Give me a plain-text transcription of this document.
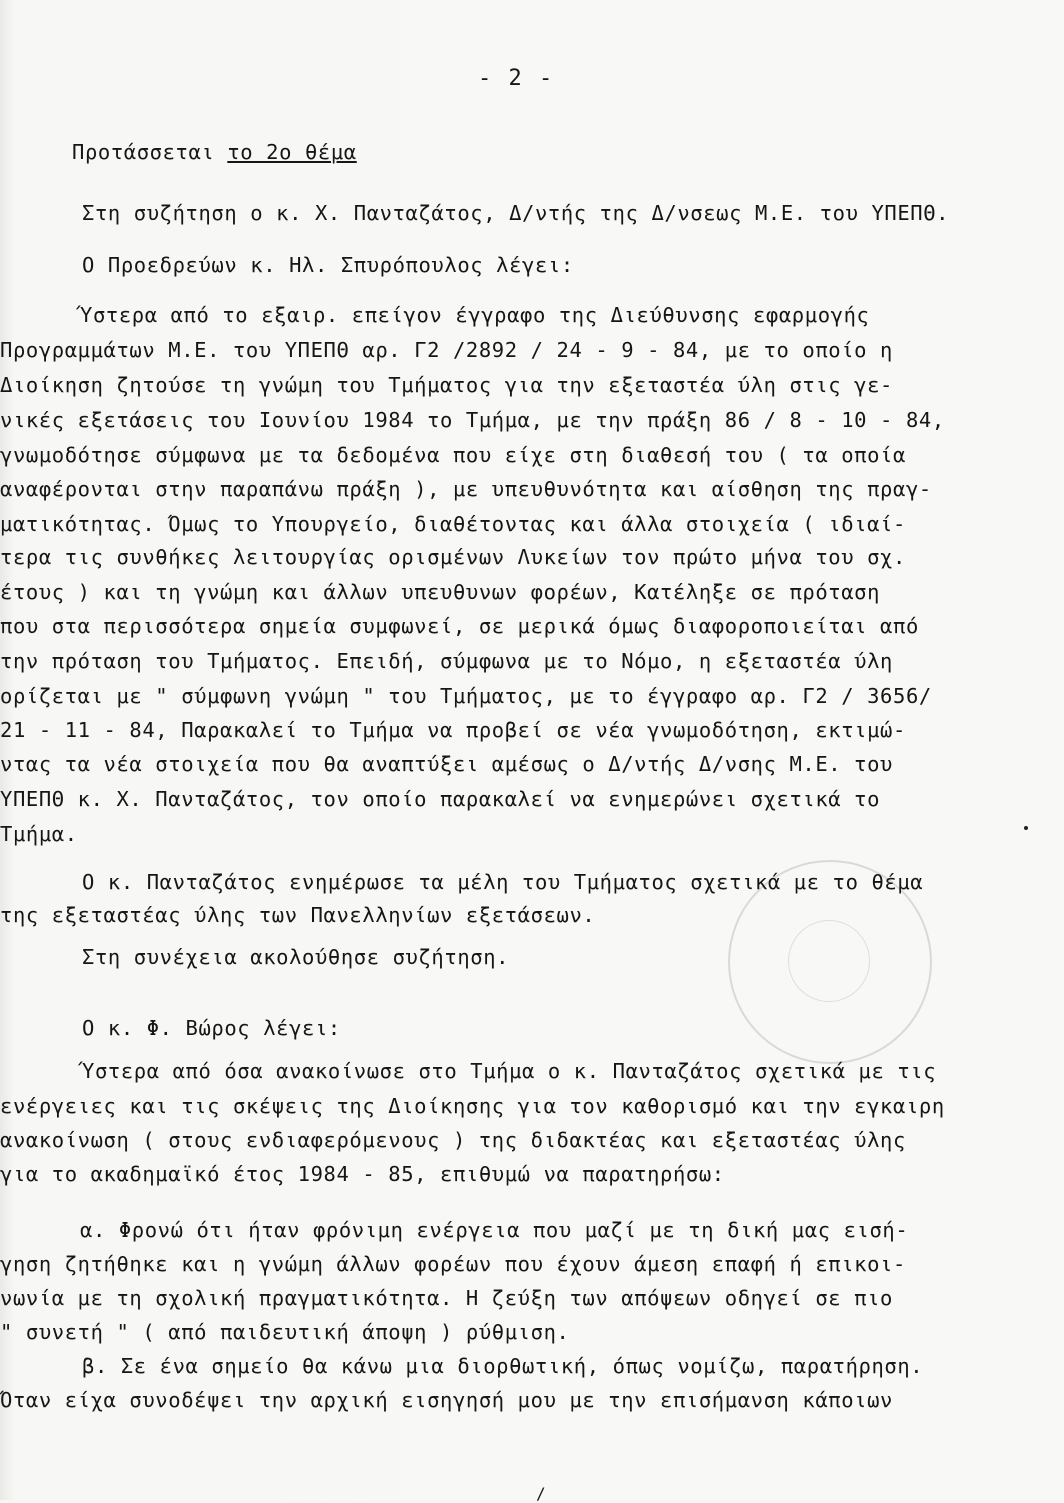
- 2 -
Προτάσσεται το 2ο θέμα
Στη συζήτηση ο κ. Χ. Πανταζάτος, Δ/ντής της Δ/νσεως Μ.Ε. του ΥΠΕΠΘ.
Ο Προεδρεύων κ. Ηλ. Σπυρόπουλος λέγει:
Ύστερα από το εξαιρ. επείγον έγγραφο της Διεύθυνσης εφαρμογής
Προγραμμάτων Μ.Ε. του ΥΠΕΠΘ αρ. Γ2 /2892 / 24 - 9 - 84, με το οποίο η
Διοίκηση ζητούσε τη γνώμη του Τμήματος για την εξεταστέα ύλη στις γε-
νικές εξετάσεις του Ιουνίου 1984 το Τμήμα, με την πράξη 86 / 8 - 10 - 84,
γνωμοδότησε σύμφωνα με τα δεδομένα που είχε στη διαθεσή του ( τα οποία
αναφέρονται στην παραπάνω πράξη ), με υπευθυνότητα και αίσθηση της πραγ-
ματικότητας. Όμως το Υπουργείο, διαθέτοντας και άλλα στοιχεία ( ιδιαί-
τερα τις συνθήκες λειτουργίας ορισμένων Λυκείων τον πρώτο μήνα του σχ.
έτους ) και τη γνώμη και άλλων υπευθυνων φορέων, Κατέληξε σε πρόταση
που στα περισσότερα σημεία συμφωνεί, σε μερικά όμως διαφοροποιείται από
την πρόταση του Τμήματος. Επειδή, σύμφωνα με το Νόμο, η εξεταστέα ύλη
ορίζεται με " σύμφωνη γνώμη " του Τμήματος, με το έγγραφο αρ. Γ2 / 3656/
21 - 11 - 84, Παρακαλεί το Τμήμα να προβεί σε νέα γνωμοδότηση, εκτιμώ-
ντας τα νέα στοιχεία που θα αναπτύξει αμέσως ο Δ/ντής Δ/νσης Μ.Ε. του
ΥΠΕΠΘ κ. Χ. Πανταζάτος, τον οποίο παρακαλεί να ενημερώνει σχετικά το
Τμήμα.
Ο κ. Πανταζάτος ενημέρωσε τα μέλη του Τμήματος σχετικά με το θέμα
της εξεταστέας ύλης των Πανελληνίων εξετάσεων.
Στη συνέχεια ακολούθησε συζήτηση.
Ο κ. Φ. Βώρος λέγει:
Ύστερα από όσα ανακοίνωσε στο Τμήμα ο κ. Πανταζάτος σχετικά με τις
ενέργειες και τις σκέψεις της Διοίκησης για τον καθορισμό και την εγκαιρη
ανακοίνωση ( στους ενδιαφερόμενους ) της διδακτέας και εξεταστέας ύλης
για το ακαδημαϊκό έτος 1984 - 85, επιθυμώ να παρατηρήσω:
α. Φρονώ ότι ήταν φρόνιμη ενέργεια που μαζί με τη δική μας εισή-
γηση ζητήθηκε και η γνώμη άλλων φορέων που έχουν άμεση επαφή ή επικοι-
νωνία με τη σχολική πραγματικότητα. Η ζεύξη των απόψεων οδηγεί σε πιο
" συνετή " ( από παιδευτική άποψη ) ρύθμιση.
β. Σε ένα σημείο θα κάνω μια διορθωτική, όπως νομίζω, παρατήρηση.
Όταν είχα συνοδέψει την αρχική εισηγησή μου με την επισήμανση κάποιων
/
